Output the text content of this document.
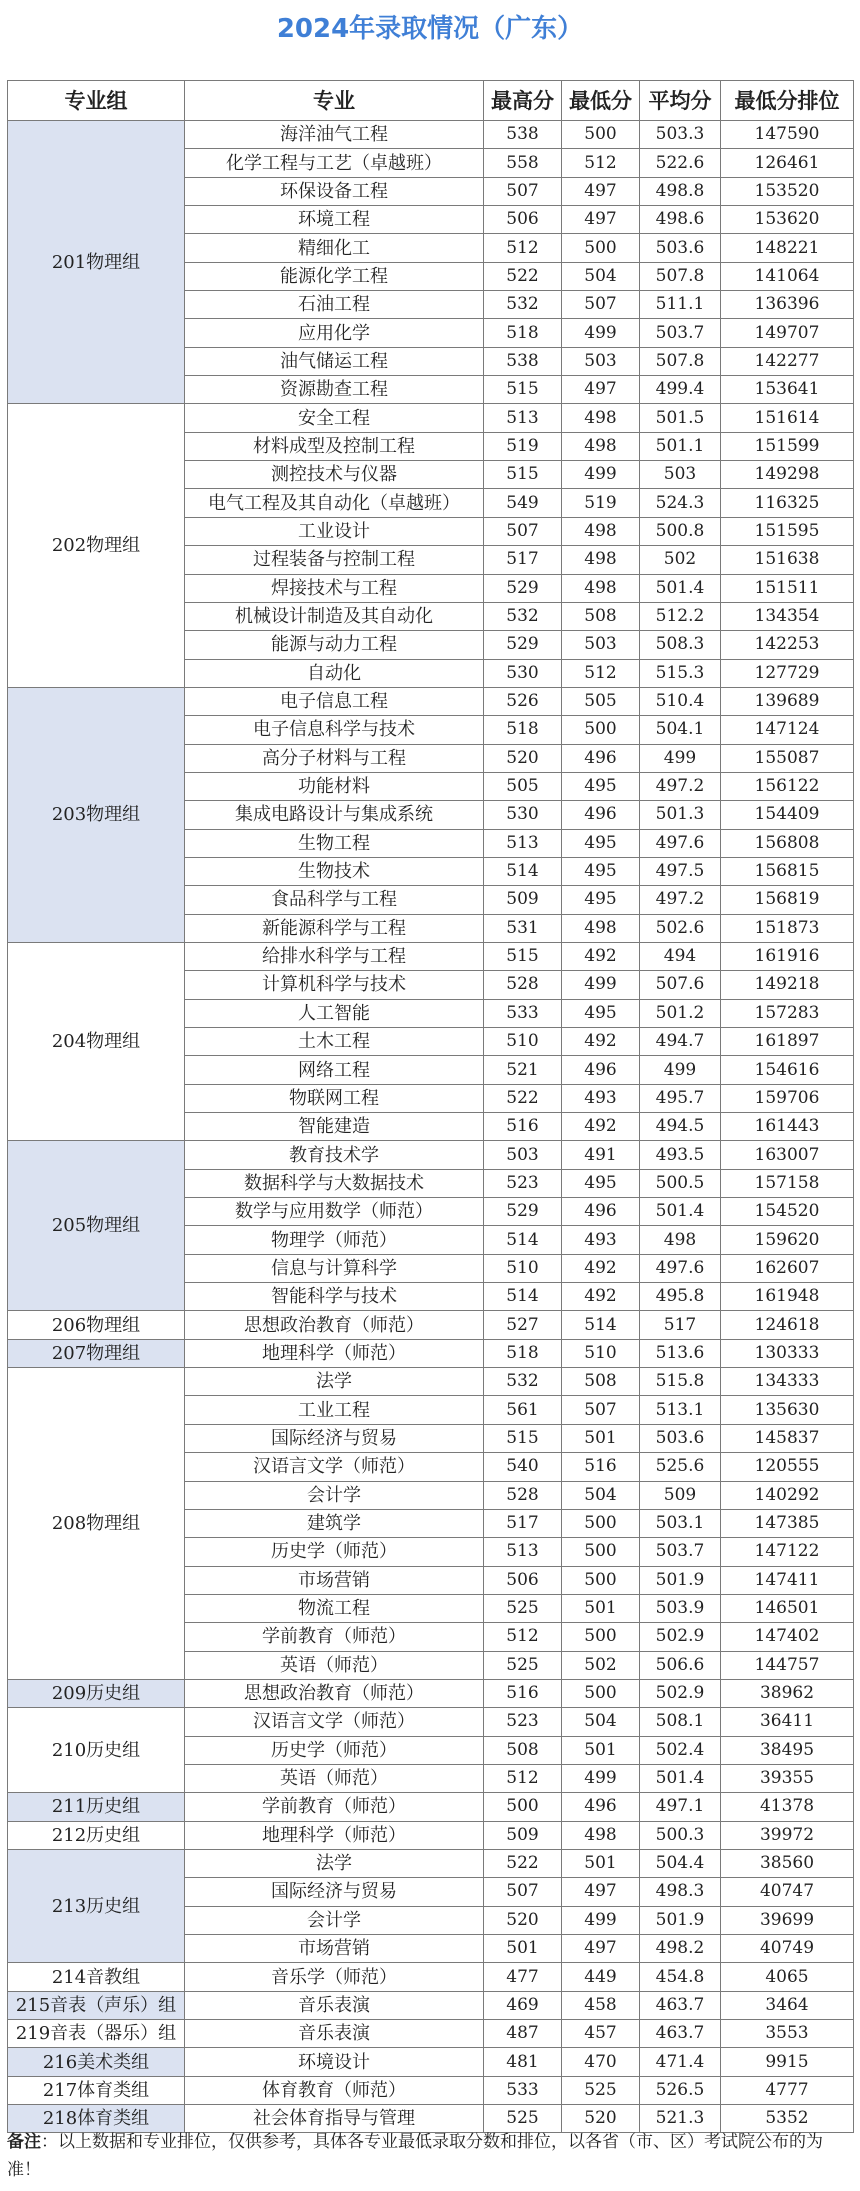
2024年录取情况（广东）
专业组	专业	最高分	最低分	平均分	最低分排位
201物理组	海洋油气工程	538	500	503.3	147590
	化学工程与工艺（卓越班）	558	512	522.6	126461
	环保设备工程	507	497	498.8	153520
	环境工程	506	497	498.6	153620
	精细化工	512	500	503.6	148221
	能源化学工程	522	504	507.8	141064
	石油工程	532	507	511.1	136396
	应用化学	518	499	503.7	149707
	油气储运工程	538	503	507.8	142277
	资源勘查工程	515	497	499.4	153641
202物理组	安全工程	513	498	501.5	151614
	材料成型及控制工程	519	498	501.1	151599
	测控技术与仪器	515	499	503	149298
	电气工程及其自动化（卓越班）	549	519	524.3	116325
	工业设计	507	498	500.8	151595
	过程装备与控制工程	517	498	502	151638
	焊接技术与工程	529	498	501.4	151511
	机械设计制造及其自动化	532	508	512.2	134354
	能源与动力工程	529	503	508.3	142253
	自动化	530	512	515.3	127729
203物理组	电子信息工程	526	505	510.4	139689
	电子信息科学与技术	518	500	504.1	147124
	高分子材料与工程	520	496	499	155087
	功能材料	505	495	497.2	156122
	集成电路设计与集成系统	530	496	501.3	154409
	生物工程	513	495	497.6	156808
	生物技术	514	495	497.5	156815
	食品科学与工程	509	495	497.2	156819
	新能源科学与工程	531	498	502.6	151873
204物理组	给排水科学与工程	515	492	494	161916
	计算机科学与技术	528	499	507.6	149218
	人工智能	533	495	501.2	157283
	土木工程	510	492	494.7	161897
	网络工程	521	496	499	154616
	物联网工程	522	493	495.7	159706
	智能建造	516	492	494.5	161443
205物理组	教育技术学	503	491	493.5	163007
	数据科学与大数据技术	523	495	500.5	157158
	数学与应用数学（师范）	529	496	501.4	154520
	物理学（师范）	514	493	498	159620
	信息与计算科学	510	492	497.6	162607
	智能科学与技术	514	492	495.8	161948
206物理组	思想政治教育（师范）	527	514	517	124618
207物理组	地理科学（师范）	518	510	513.6	130333
208物理组	法学	532	508	515.8	134333
	工业工程	561	507	513.1	135630
	国际经济与贸易	515	501	503.6	145837
	汉语言文学（师范）	540	516	525.6	120555
	会计学	528	504	509	140292
	建筑学	517	500	503.1	147385
	历史学（师范）	513	500	503.7	147122
	市场营销	506	500	501.9	147411
	物流工程	525	501	503.9	146501
	学前教育（师范）	512	500	502.9	147402
	英语（师范）	525	502	506.6	144757
209历史组	思想政治教育（师范）	516	500	502.9	38962
210历史组	汉语言文学（师范）	523	504	508.1	36411
	历史学（师范）	508	501	502.4	38495
	英语（师范）	512	499	501.4	39355
211历史组	学前教育（师范）	500	496	497.1	41378
212历史组	地理科学（师范）	509	498	500.3	39972
213历史组	法学	522	501	504.4	38560
	国际经济与贸易	507	497	498.3	40747
	会计学	520	499	501.9	39699
	市场营销	501	497	498.2	40749
214音教组	音乐学（师范）	477	449	454.8	4065
215音表（声乐）组	音乐表演	469	458	463.7	3464
219音表（器乐）组	音乐表演	487	457	463.7	3553
216美术类组	环境设计	481	470	471.4	9915
217体育类组	体育教育（师范）	533	525	526.5	4777
218体育类组	社会体育指导与管理	525	520	521.3	5352
备注：以上数据和专业排位，仅供参考，具体各专业最低录取分数和排位，以各省（市、区）考试院公布的为准！
